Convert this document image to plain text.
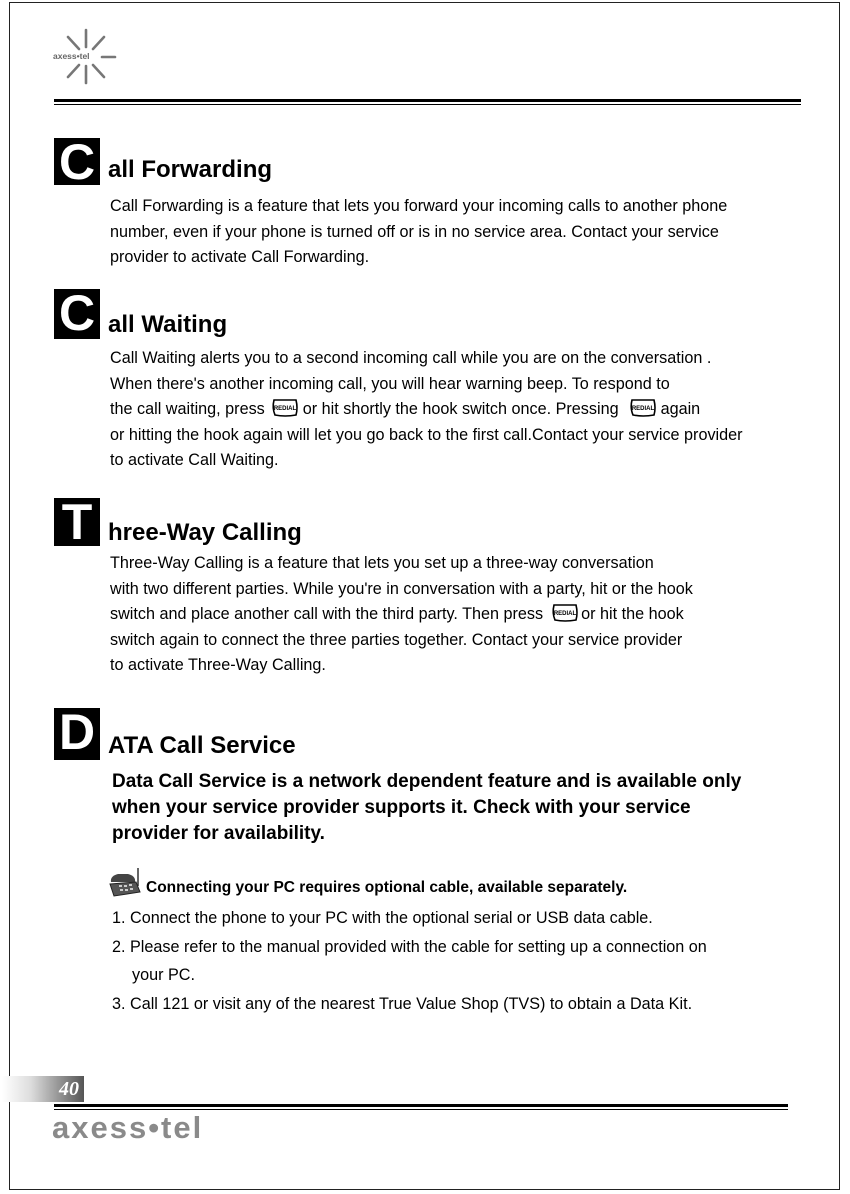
axess•tel
C all Forwarding

Call Forwarding is a feature that lets you forward your incoming calls to another phone

number, even if your phone is turned off or is in no service area. Contact your service

provider to activate Call Forwarding.

C all Waiting

Call Waiting alerts you to a second incoming call while you are on the conversation .

When there's another incoming call, you will hear warning beep. To respond to

the call waiting, press REDIAL or hit shortly the hook switch once. Pressing REDIAL again

or hitting the hook again will let you go back to the first call.Contact your service provider

to activate Call Waiting.

T hree-Way Calling

Three-Way Calling is a feature that lets you set up a three-way conversation

with two different parties. While you're in conversation with a party, hit or the hook

switch and place another call with the third party. Then press REDIAL or hit the hook

switch again to connect the three parties together. Contact your service provider

to activate Three-Way Calling.

D ATA Call Service

Data Call Service is a network dependent feature and is available only

when your service provider supports it. Check with your service

provider for availability.

Connecting your PC requires optional cable, available separately.

1. Connect the phone to your PC with the optional serial or USB data cable.

2. Please refer to the manual provided with the cable for setting up a connection on

your PC.

3. Call 121 or visit any of the nearest True Value Shop (TVS) to obtain a Data Kit.

40
axess•tel
